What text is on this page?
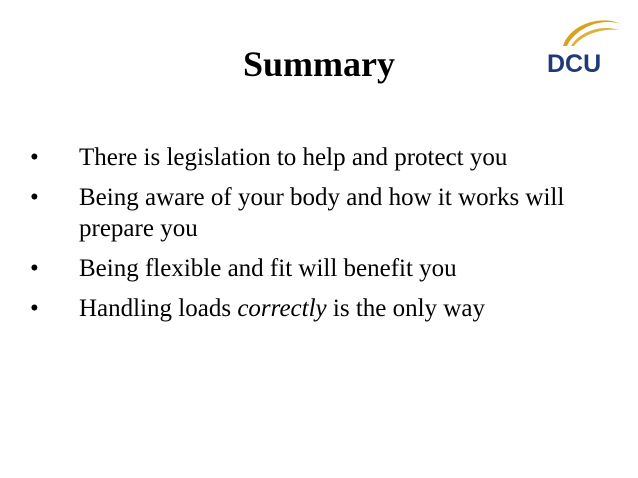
Summary	DCU
• There is legislation to help and protect you
• Being aware of your body and how it works will prepare you
• Being flexible and fit will benefit you
• Handling loads correctly is the only way
